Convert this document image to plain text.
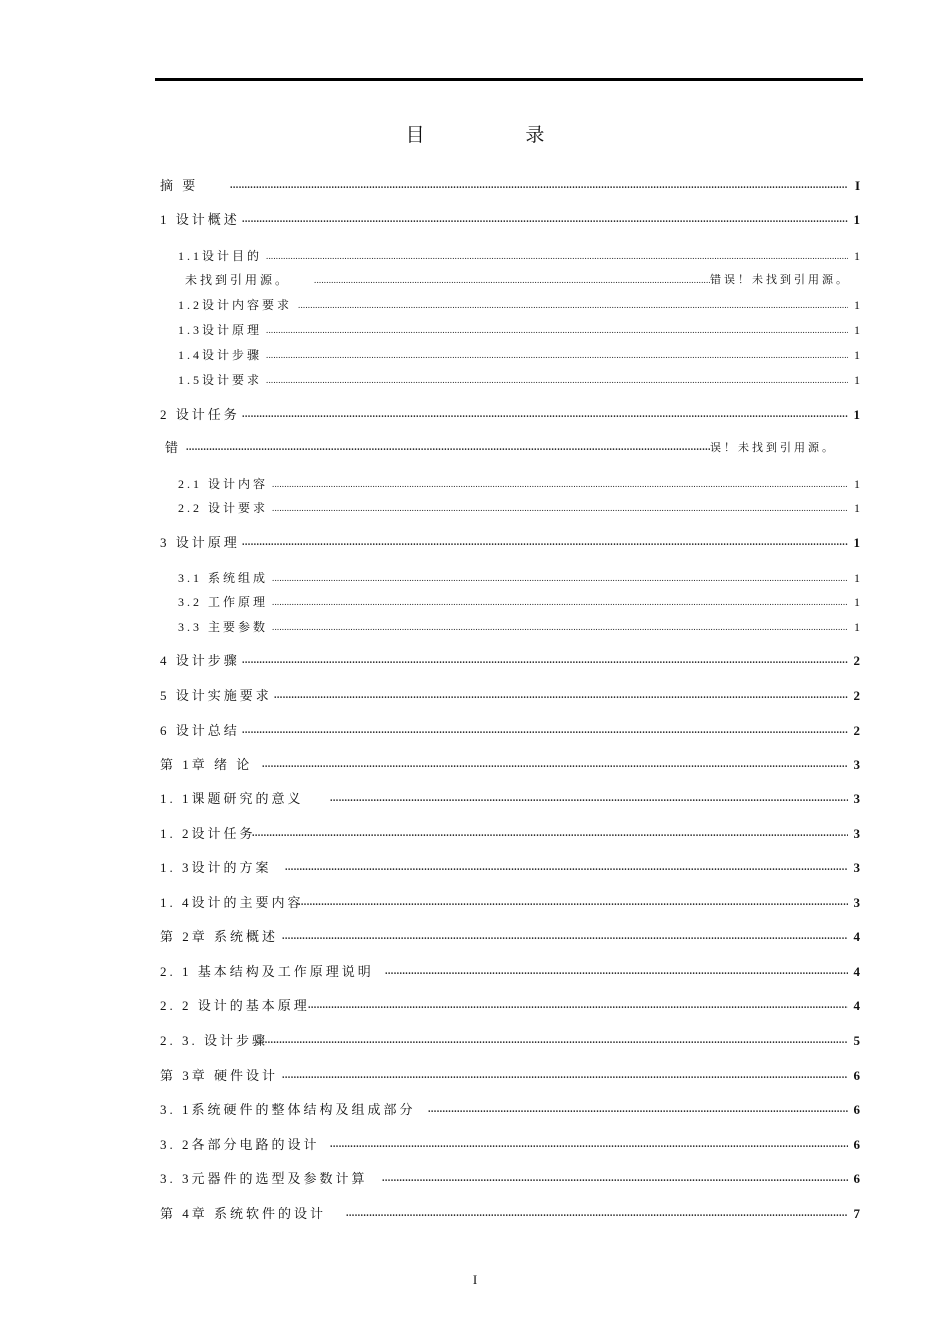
目 录
摘 要 .....	I
1 设计概述 .....	1
1.1设计目的 .....	1
未找到引用源。	错误！未找到引用源。
.....
1.2设计内容要求 .....	1
1.3设计原理 .....	1
1.4设计步骤 .....	1
1.5设计要求 .....	1
2 设计任务 .....	1
错	误！未找到引用源。
.....
2.1 设计内容 .....	1
2.2 设计要求 .....	1
3 设计原理 .....	1
3.1 系统组成 .....	1
3.2 工作原理 .....	1
3.3 主要参数 .....	1
4 设计步骤 .....	2
5 设计实施要求 .....	2
6 设计总结 .....	2
第 1章 绪 论 .....	3
1. 1课题研究的意义 .....	3
1. 2设计任务 .....	3
1. 3设计的方案 .....	3
1. 4设计的主要内容 .....	3
第 2章 系统概述 .....	4
2. 1 基本结构及工作原理说明 .....	4
2. 2 设计的基本原理 .....	4
2. 3. 设计步骤 .....	5
第 3章 硬件设计 .....	6
3. 1系统硬件的整体结构及组成部分 .....	6
3. 2各部分电路的设计 .....	6
3. 3元器件的选型及参数计算 .....	6
第 4章 系统软件的设计 .....	7
I
